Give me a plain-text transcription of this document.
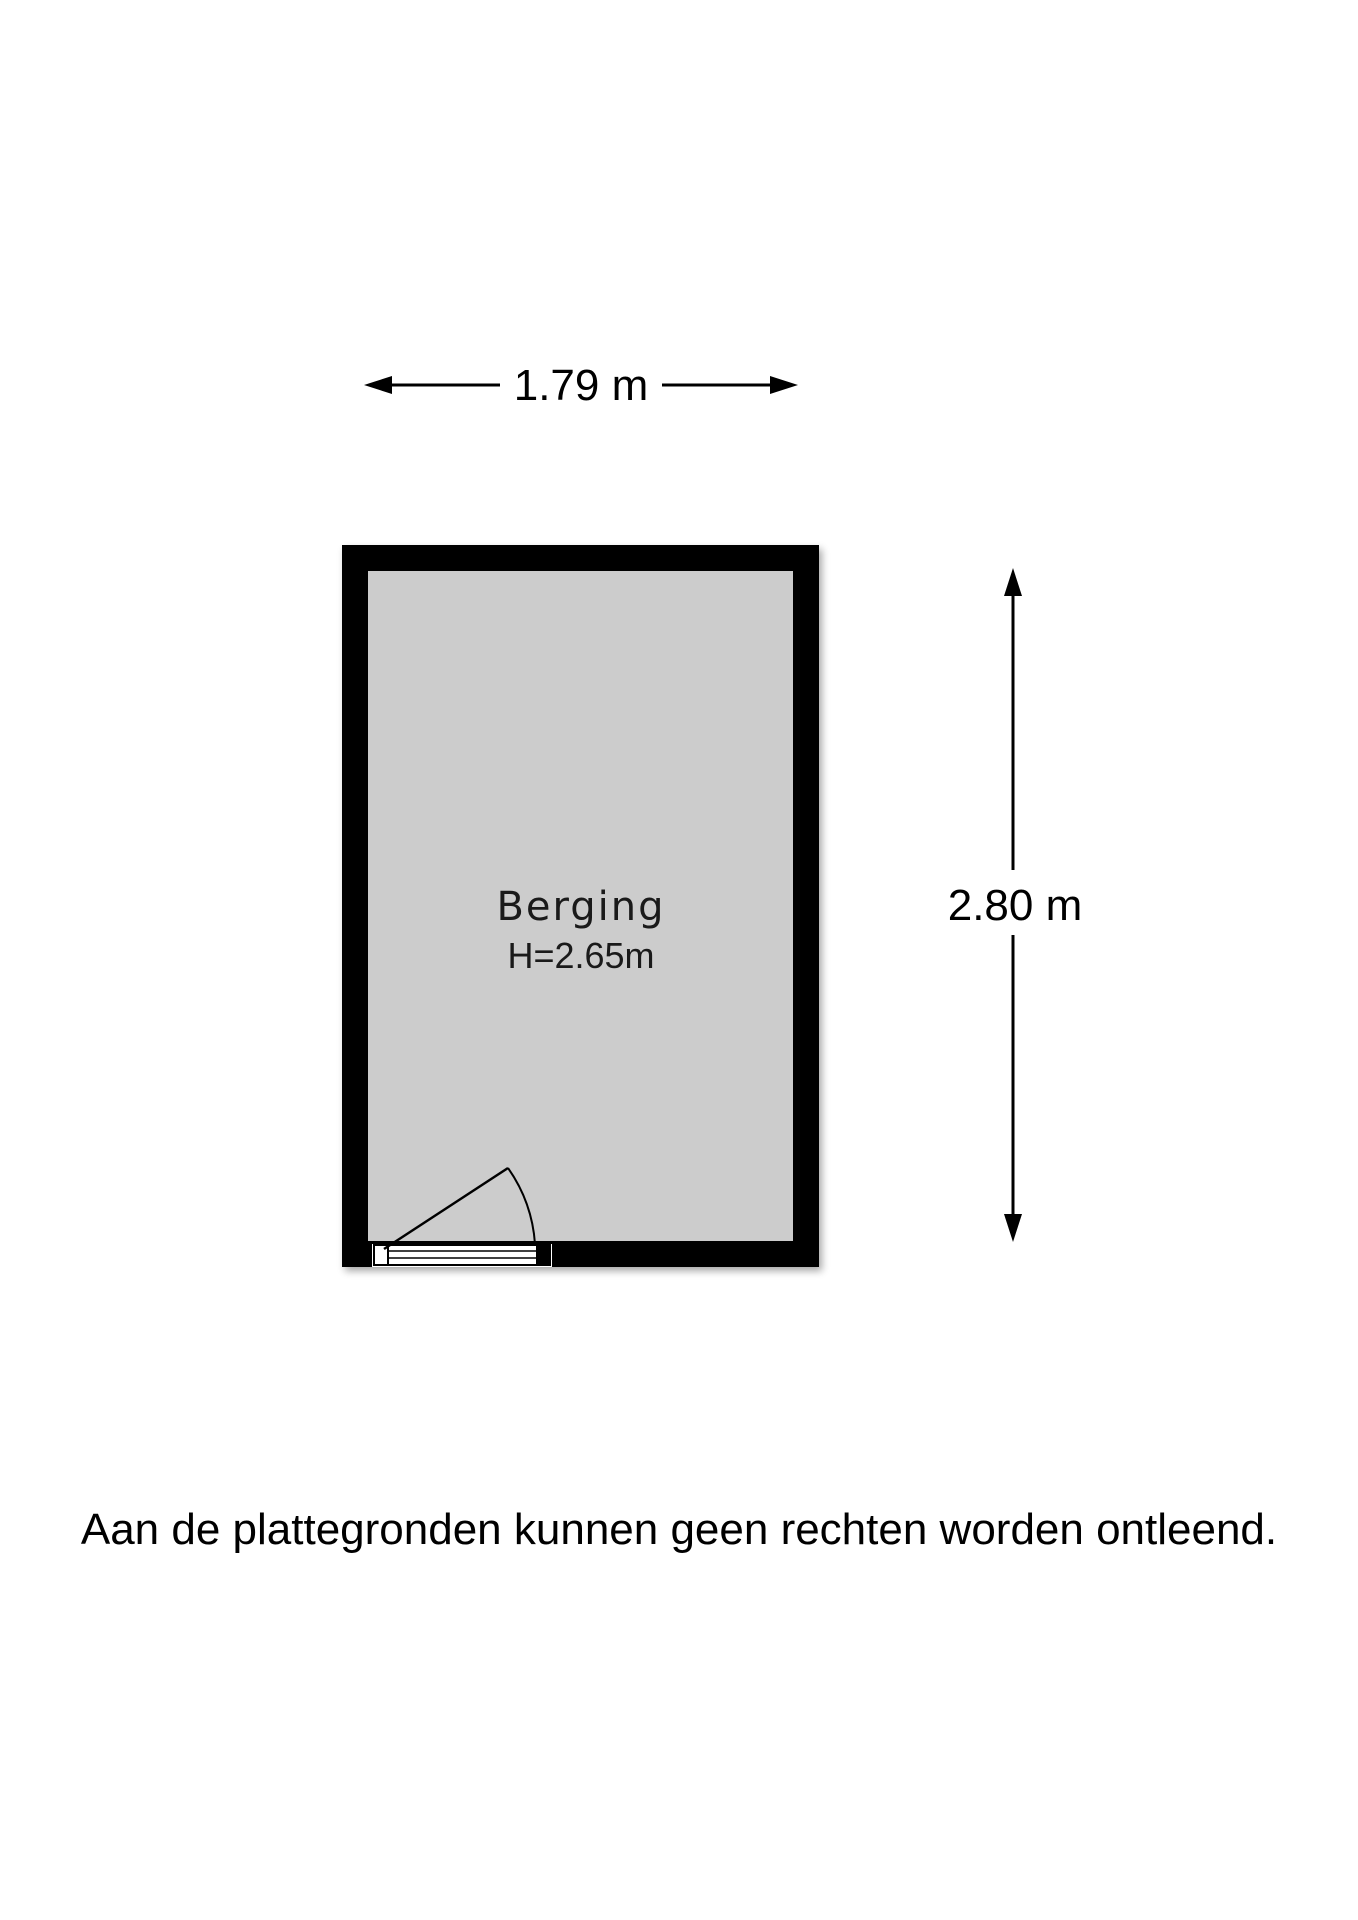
1.79 m
2.80 m
Berging
H=2.65m
Aan de plattegronden kunnen geen rechten worden ontleend.
